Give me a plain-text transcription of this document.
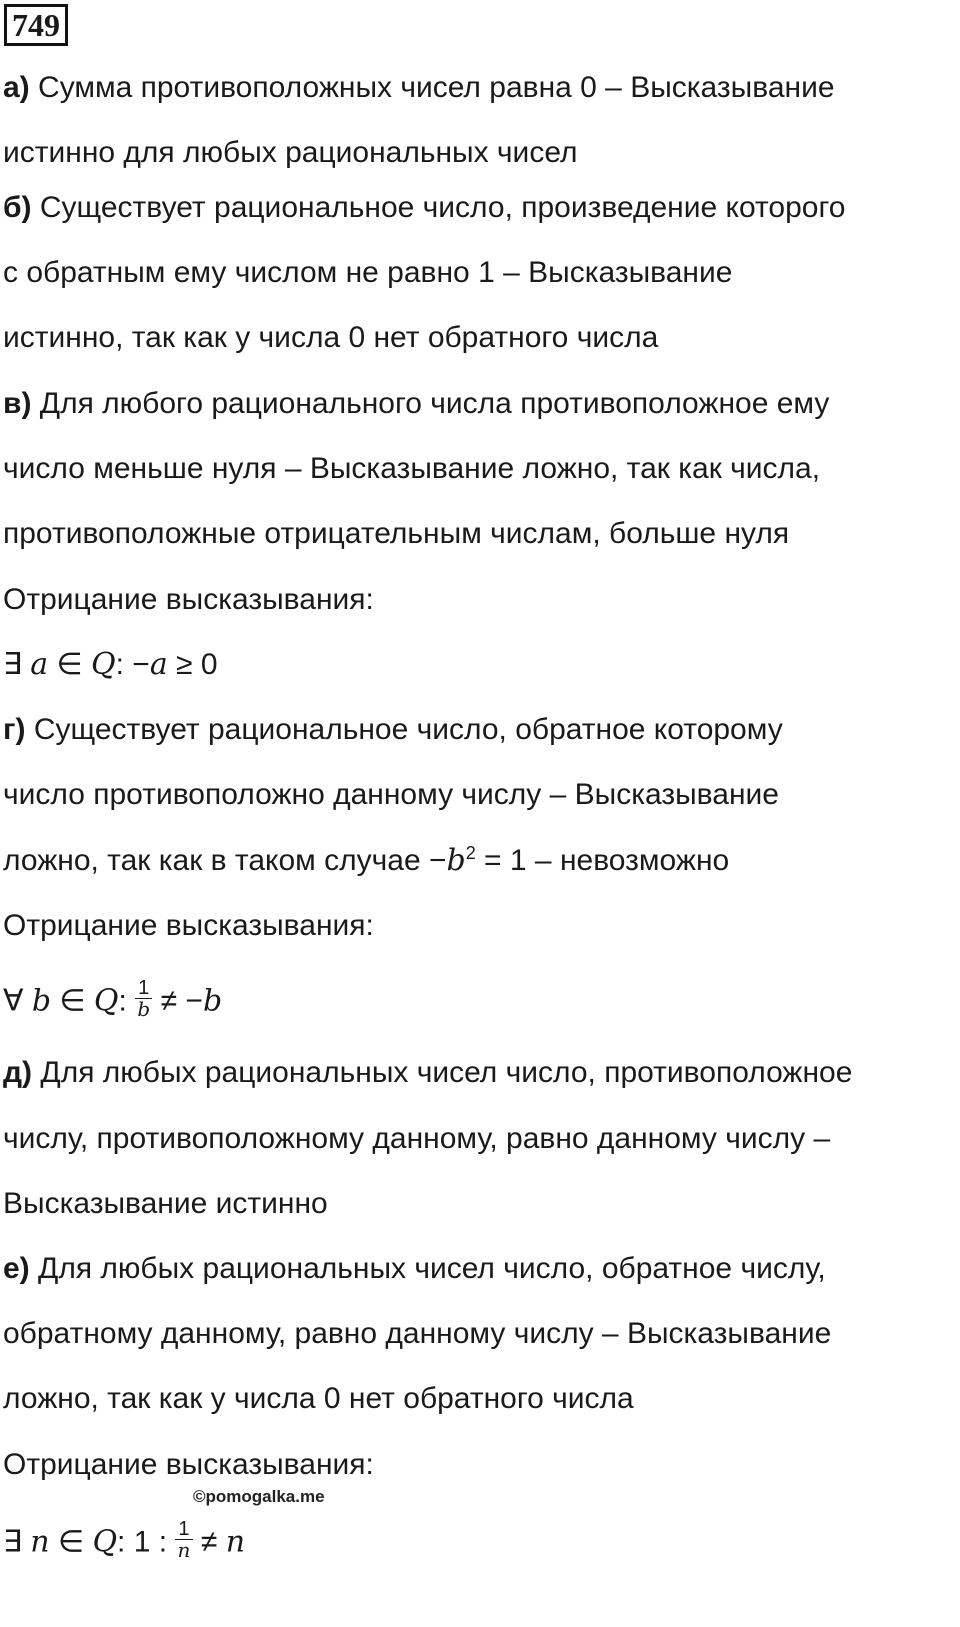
749
а) Сумма противоположных чисел равна 0 – Высказывание
истинно для любых рациональных чисел
б) Существует рациональное число, произведение которого
с обратным ему числом не равно 1 – Высказывание
истинно, так как у числа 0 нет обратного числа
в) Для любого рационального числа противоположное ему
число меньше нуля – Высказывание ложно, так как числа,
противоположные отрицательным числам, больше нуля
Отрицание высказывания:
∃ a ∈ Q: −a ≥ 0
г) Существует рациональное число, обратное которому
число противоположно данному числу – Высказывание
ложно, так как в таком случае $-b^2 = 1$ – невозможно
Отрицание высказывания:
∀ b ∈ Q: $\frac{1}{b} \ne -b$
д) Для любых рациональных чисел число, противоположное
числу, противоположному данному, равно данному числу –
Высказывание истинно
е) Для любых рациональных чисел число, обратное числу,
обратному данному, равно данному числу – Высказывание
ложно, так как у числа 0 нет обратного числа
Отрицание высказывания:
∃ n ∈ Q: 1 : $\frac{1}{n} \ne n$
©pomogalka.me
